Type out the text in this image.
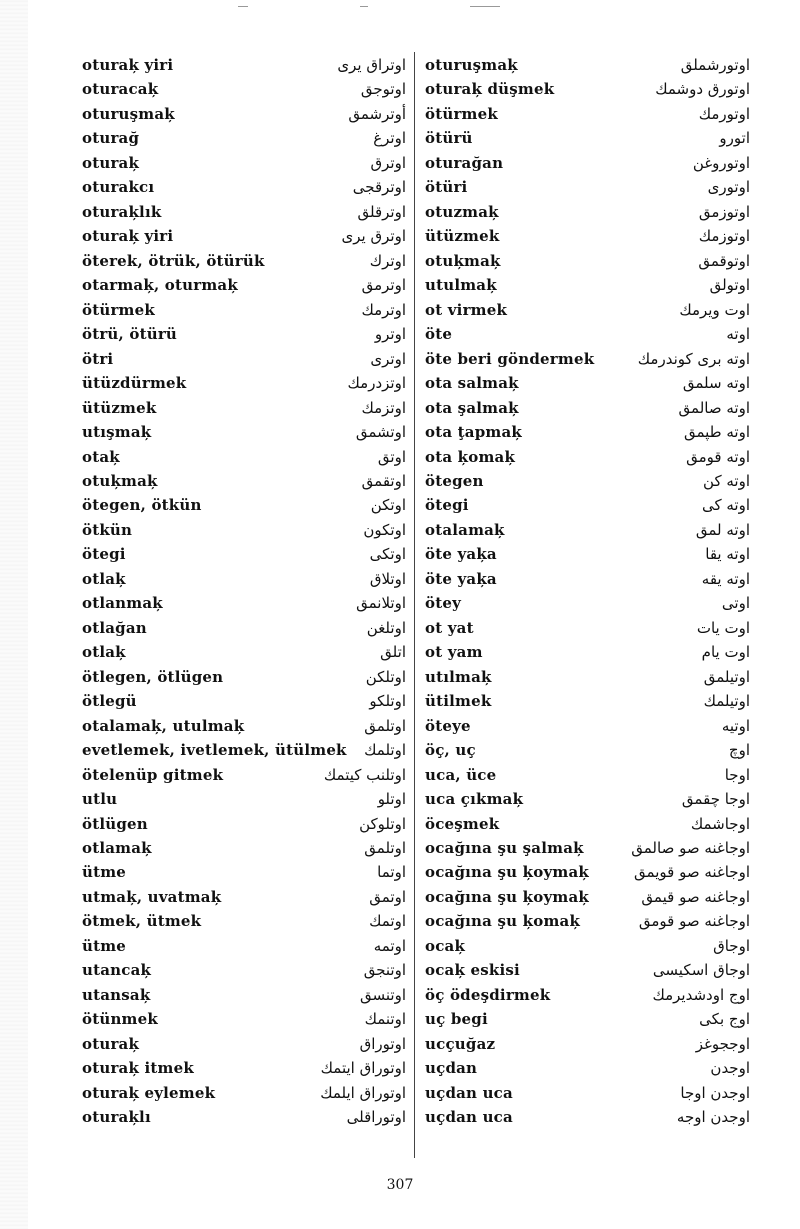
oturaķ yiri	اوتراق يرى
oturacaķ	اوتوجق
oturuşmaķ	أوترشمق
oturağ	اوترغ
oturaķ	اوترق
oturakcı	اوترقجى
oturaķlık	اوترقلق
oturaķ yiri	اوترق يرى
öterek, ötrük, ötürük	اوترك
otarmaķ, oturmaķ	اوترمق
ötürmek	اوترمك
ötrü, ötürü	اوترو
ötri	اوترى
ütüzdürmek	اوتزدرمك
ütüzmek	اوتزمك
utışmaķ	اوتشمق
otaķ	اوتق
otuķmaķ	اوتقمق
ötegen, ötkün	اوتكن
ötkün	اوتكون
ötegi	اوتكى
otlaķ	اوتلاق
otlanmaķ	اوتلانمق
otlağan	اوتلغن
otlaķ	اتلق
ötlegen, ötlügen	اوتلكن
ötlegü	اوتلكو
otalamaķ, utulmaķ	اوتلمق
evetlemek, ivetlemek, ütülmek اوتلمك
ötelenüp gitmek	اوتلنب كيتمك
utlu	اوتلو
ötlügen	اوتلوكن
otlamaķ	اوتلمق
ütme	اوتما
utmaķ, uvatmaķ	اوتمق
ötmek, ütmek	اوتمك
ütme	اوتمه
utancaķ	اوتنجق
utansaķ	اوتنسق
ötünmek	اوتنمك
oturaķ	اوتوراق
oturaķ itmek	اوتوراق ايتمك
oturaķ eylemek	اوتوراق ايلمك
oturaķlı	اوتوراقلى
oturuşmaķ	اوتورشملق
oturaķ düşmek	اوتورق دوشمك
ötürmek	اوتورمك
ötürü	اتورو
oturağan	اوتوروغن
ötüri	اوتورى
otuzmaķ	اوتوزمق
ütüzmek	اوتوزمك
otuķmaķ	اوتوقمق
utulmaķ	اوتولق
ot virmek	اوت ويرمك
öte	اوته
öte beri göndermek	اوته برى كوندرمك
ota salmaķ	اوته سلمق
ota şalmaķ	اوته صالمق
ota ţapmaķ	اوته طپمق
ota ķomaķ	اوته قومق
ötegen	اوته كن
ötegi	اوته كى
otalamaķ	اوته لمق
öte yaķa	اوته يقا
öte yaķa	اوته يقه
ötey	اوتى
ot yat	اوت يات
ot yam	اوت يام
utılmaķ	اوتيلمق
ütilmek	اوتيلمك
öteye	اوتيه
öç, uç	اوچ
uca, üce	اوجا
uca çıkmaķ	اوجا چقمق
öceşmek	اوجاشمك
ocağına şu şalmaķ	اوجاغنه صو صالمق
ocağına şu ķoymaķ	اوجاغنه صو قويمق
ocağına şu ķoymaķ	اوجاغنه صو قيمق
ocağına şu ķomaķ	اوجاغنه صو قومق
ocaķ	اوجاق
ocaķ eskisi	اوجاق اسكيسى
öç ödeşdirmek	اوج اودشديرمك
uç begi	اوج بكى
ucçuğaz	اوججوغز
uçdan	اوجدن
uçdan uca	اوجدن اوجا
uçdan uca	اوجدن اوجه
307
